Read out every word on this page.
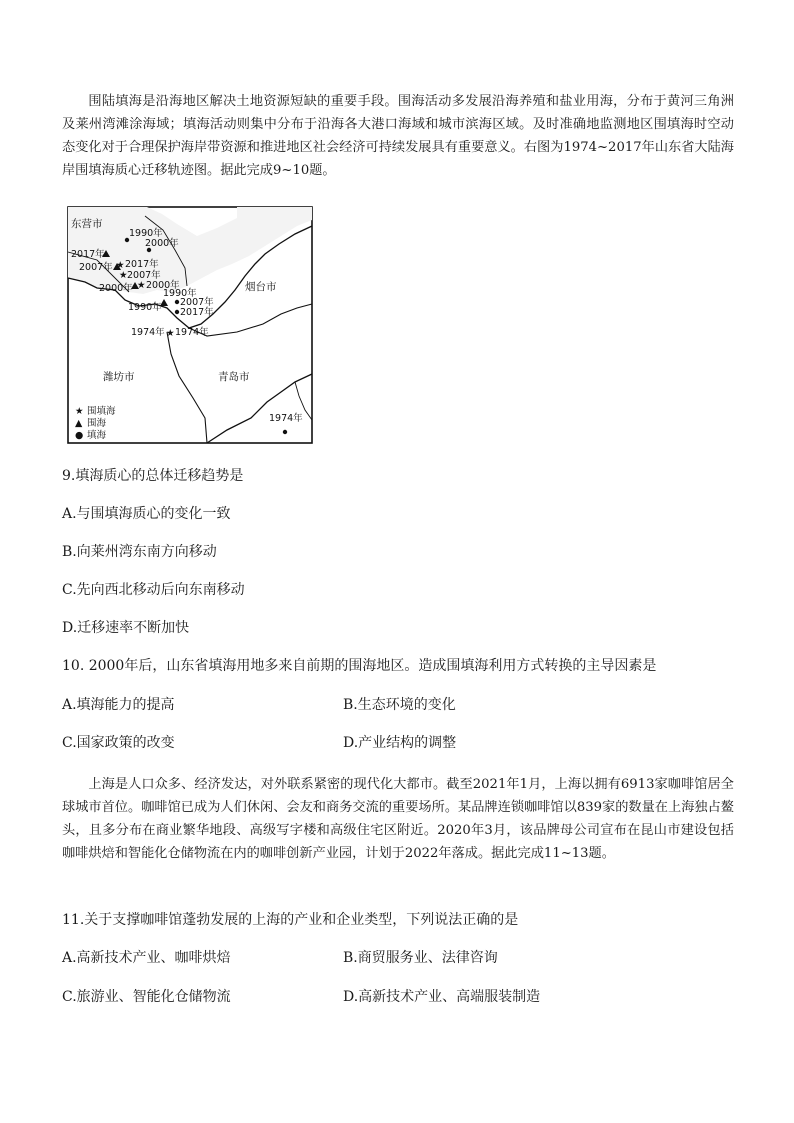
围陆填海是沿海地区解决土地资源短缺的重要手段。围海活动多发展沿海养殖和盐业用海，分布于黄河三角洲及莱州湾滩涂海域；填海活动则集中分布于沿海各大港口海域和城市滨海区域。及时准确地监测地区围填海时空动态变化对于合理保护海岸带资源和推进地区社会经济可持续发展具有重要意义。右图为1974~2017年山东省大陆海岸围填海质心迁移轨迹图。据此完成9~10题。

东营市
烟台市
潍坊市	青岛市
1990年
2000年
2007年
2017年
1974年
2017年
2007年
2000年	1990年
1990年
1974年
★ 2017年
★ 2007年
★ 2000年
★ 1974年
★ 围填海
▲ 围海
● 填海

9.填海质心的总体迁移趋势是

A.与围填海质心的变化一致

B.向莱州湾东南方向移动

C.先向西北移动后向东南移动

D.迁移速率不断加快

10. 2000年后，山东省填海用地多来自前期的围海地区。造成围填海利用方式转换的主导因素是

A.填海能力的提高	B.生态环境的变化

C.国家政策的改变	D.产业结构的调整

上海是人口众多、经济发达，对外联系紧密的现代化大都市。截至2021年1月，上海以拥有6913家咖啡馆居全球城市首位。咖啡馆已成为人们休闲、会友和商务交流的重要场所。某品牌连锁咖啡馆以839家的数量在上海独占鳌头，且多分布在商业繁华地段、高级写字楼和高级住宅区附近。2020年3月，该品牌母公司宣布在昆山市建设包括咖啡烘焙和智能化仓储物流在内的咖啡创新产业园，计划于2022年落成。据此完成11~13题。

11.关于支撑咖啡馆蓬勃发展的上海的产业和企业类型，下列说法正确的是

A.高新技术产业、咖啡烘焙	B.商贸服务业、法律咨询

C.旅游业、智能化仓储物流	D.高新技术产业、高端服装制造
